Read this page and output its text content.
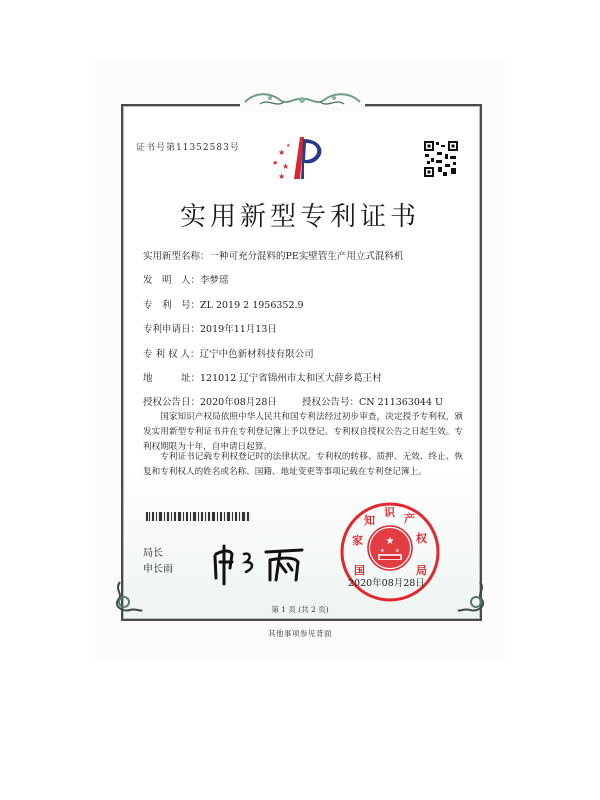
证书号第11352583号	★
★ ★
★
★
实用新型专利证书
实用新型名称：一种可充分混料的PE实壁管生产用立式混料机
发　明　人：李梦瑶
专　利　号：ZL 2019 2 1956352.9
专利申请日：2019年11月13日
专 利 权 人：辽宁中色新材科技有限公司
地　　　址：121012 辽宁省锦州市太和区大薛乡葛王村
授权公告日：2020年08月28日	授权公告号：CN 211363044 U
国家知识产权局依照中华人民共和国专利法经过初步审查，决定授予专利权，颁发实用新型专利证书并在专利登记簿上予以登记。专利权自授权公告之日起生效。专利权期限为十年，自申请日起算。
专利证书记载专利权登记时的法律状况。专利权的转移、质押、无效、终止、恢复和专利权人的姓名或名称、国籍、地址变更等事项记载在专利登记簿上。
局长
申长雨
★
★ ★
国
家
知
识 产
权
局
2020年08月28日
第 1 页 (共 2 页)
其他事项参见背面
